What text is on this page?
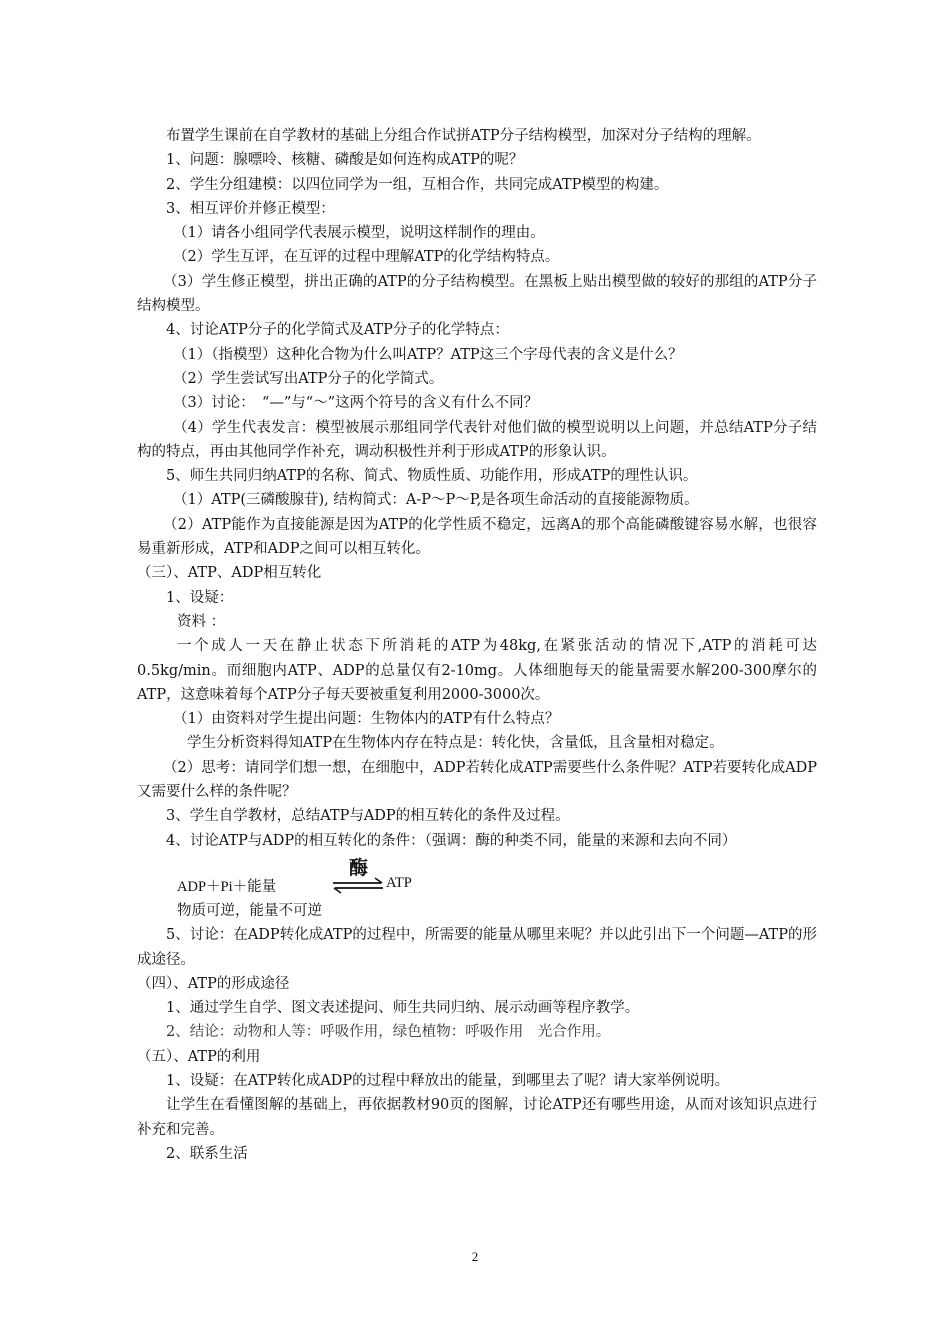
布置学生课前在自学教材的基础上分组合作试拼ATP分子结构模型，加深对分子结构的理解。

1、问题：腺嘌呤、核糖、磷酸是如何连构成ATP的呢？

2、学生分组建模：以四位同学为一组，互相合作，共同完成ATP模型的构建。

3、相互评价并修正模型：

（1）请各小组同学代表展示模型，说明这样制作的理由。

（2）学生互评，在互评的过程中理解ATP的化学结构特点。

（3）学生修正模型，拼出正确的ATP的分子结构模型。在黑板上贴出模型做的较好的那组的ATP分子结构模型。

4、讨论ATP分子的化学简式及ATP分子的化学特点：

（1）（指模型）这种化合物为什么叫ATP？ATP这三个字母代表的含义是什么？

（2）学生尝试写出ATP分子的化学简式。

（3）讨论：　“—”与“～”这两个符号的含义有什么不同？

（4）学生代表发言：模型被展示那组同学代表针对他们做的模型说明以上问题，并总结ATP分子结构的特点，再由其他同学作补充，调动积极性并利于形成ATP的形象认识。

5、师生共同归纳ATP的名称、简式、物质性质、功能作用，形成ATP的理性认识。

（1）ATP(三磷酸腺苷), 结构简式：A-P～P～P,是各项生命活动的直接能源物质。

（2）ATP能作为直接能源是因为ATP的化学性质不稳定，远离A的那个高能磷酸键容易水解，也很容易重新形成，ATP和ADP之间可以相互转化。

（三）、ATP、ADP相互转化

1、设疑：

资料 ：

一个成人一天在静止状态下所消耗的ATP为48kg,在紧张活动的情况下,ATP的消耗可达0.5kg/min。而细胞内ATP、ADP的总量仅有2-10mg。人体细胞每天的能量需要水解200-300摩尔的ATP，这意味着每个ATP分子每天要被重复利用2000-3000次。

（1）由资料对学生提出问题：生物体内的ATP有什么特点？

学生分析资料得知ATP在生物体内存在特点是：转化快，含量低，且含量相对稳定。

（2）思考：请同学们想一想，在细胞中，ADP若转化成ATP需要些什么条件呢？ATP若要转化成ADP又需要什么样的条件呢？

3、学生自学教材，总结ATP与ADP的相互转化的条件及过程。

4、讨论ATP与ADP的相互转化的条件：（强调：酶的种类不同，能量的来源和去向不同）

ADP＋Pi＋能量
酶
⇌ ATP

物质可逆，能量不可逆

5、讨论：在ADP转化成ATP的过程中，所需要的能量从哪里来呢？并以此引出下一个问题—ATP的形成途径。

（四）、ATP的形成途径

1、通过学生自学、图文表述提问、师生共同归纳、展示动画等程序教学。

2、结论：动物和人等：呼吸作用，绿色植物：呼吸作用　光合作用。

（五）、ATP的利用

1、设疑：在ATP转化成ADP的过程中释放出的能量，到哪里去了呢？请大家举例说明。

让学生在看懂图解的基础上，再依据教材90页的图解，讨论ATP还有哪些用途，从而对该知识点进行补充和完善。

2、联系生活

2
